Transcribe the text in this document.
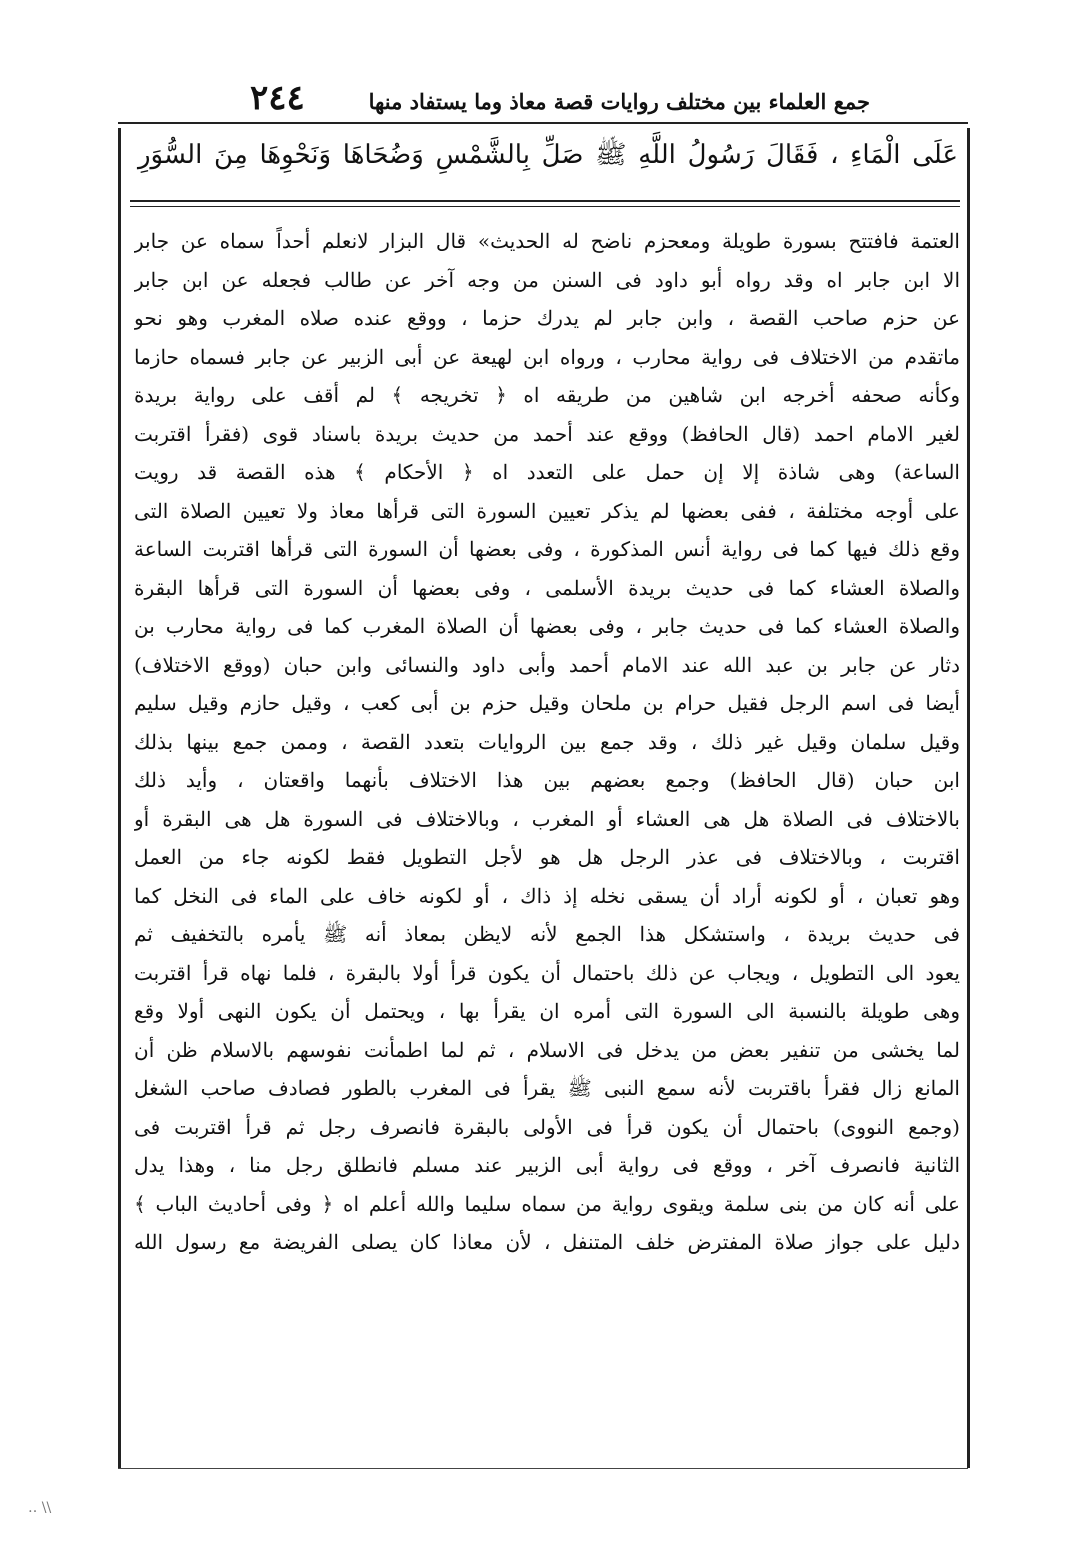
جمع العلماء بين مختلف روايات قصة معاذ وما يستفاد منها
٢٤٤
عَلَى الْمَاءِ ، فَقَالَ رَسُولُ اللَّهِ ﷺ صَلِّ بِالشَّمْسِ وَضُحَاهَا وَنَحْوِهَا مِنَ السُّوَرِ
العتمة فافتتح بسورة طويلة ومعحزم ناضح له الحديث» قال البزار لانعلم أحداً سماه عن جابر
الا ابن جابر اه وقد رواه أبو داود فى السنن من وجه آخر عن طالب فجعله عن ابن جابر
عن حزم صاحب القصة ، وابن جابر لم يدرك حزما ، ووقع عنده صلاه المغرب وهو نحو
ماتقدم من الاختلاف فى رواية محارب ، ورواه ابن لهيعة عن أبى الزبير عن جابر فسماه حازما
وكأنه صحفه أخرجه ابن شاهين من طريقه اه ﴿ تخريجه ﴾ لم أقف على رواية بريدة
لغير الامام احمد (قال الحافظ) ووقع عند أحمد من حديث بريدة باسناد قوى (فقرأ اقتربت
الساعة) وهى شاذة إلا إن حمل على التعدد اه ﴿ الأحكام ﴾ هذه القصة قد رويت
على أوجه مختلفة ، ففى بعضها لم يذكر تعيين السورة التى قرأها معاذ ولا تعيين الصلاة التى
وقع ذلك فيها كما فى رواية أنس المذكورة ، وفى بعضها أن السورة التى قرأها اقتربت الساعة
والصلاة العشاء كما فى حديث بريدة الأسلمى ، وفى بعضها أن السورة التى قرأها البقرة
والصلاة العشاء كما فى حديث جابر ، وفى بعضها أن الصلاة المغرب كما فى رواية محارب بن
دثار عن جابر بن عبد الله عند الامام أحمد وأبى داود والنسائى وابن حبان (ووقع الاختلاف)
أيضا فى اسم الرجل فقيل حرام بن ملحان وقيل حزم بن أبى كعب ، وقيل حازم وقيل سليم
وقيل سلمان وقيل غير ذلك ، وقد جمع بين الروايات بتعدد القصة ، وممن جمع بينها بذلك
ابن حبان (قال الحافظ) وجمع بعضهم بين هذا الاختلاف بأنهما واقعتان ، وأيد ذلك
بالاختلاف فى الصلاة هل هى العشاء أو المغرب ، وبالاختلاف فى السورة هل هى البقرة أو
اقتربت ، وبالاختلاف فى عذر الرجل هل هو لأجل التطويل فقط لكونه جاء من العمل
وهو تعبان ، أو لكونه أراد أن يسقى نخله إذ ذاك ، أو لكونه خاف على الماء فى النخل كما
فى حديث بريدة ، واستشكل هذا الجمع لأنه لايظن بمعاذ أنه ﷺ يأمره بالتخفيف ثم
يعود الى التطويل ، ويجاب عن ذلك باحتمال أن يكون قرأ أولا بالبقرة ، فلما نهاه قرأ اقتربت
وهى طويلة بالنسبة الى السورة التى أمره ان يقرأ بها ، ويحتمل أن يكون النهى أولا وقع
لما يخشى من تنفير بعض من يدخل فى الاسلام ، ثم لما اطمأنت نفوسهم بالاسلام ظن أن
المانع زال فقرأ باقتربت لأنه سمع النبى ﷺ يقرأ فى المغرب بالطور فصادف صاحب الشغل
(وجمع النووى) باحتمال أن يكون قرأ فى الأولى بالبقرة فانصرف رجل ثم قرأ اقتربت فى
الثانية فانصرف آخر ، ووقع فى رواية أبى الزبير عند مسلم فانطلق رجل منا ، وهذا يدل
على أنه كان من بنى سلمة ويقوى رواية من سماه سليما والله أعلم اه ﴿ وفى أحاديث الباب ﴾
دليل على جواز صلاة المفترض خلف المتنفل ، لأن معاذا كان يصلى الفريضة مع رسول الله
‥ \\
